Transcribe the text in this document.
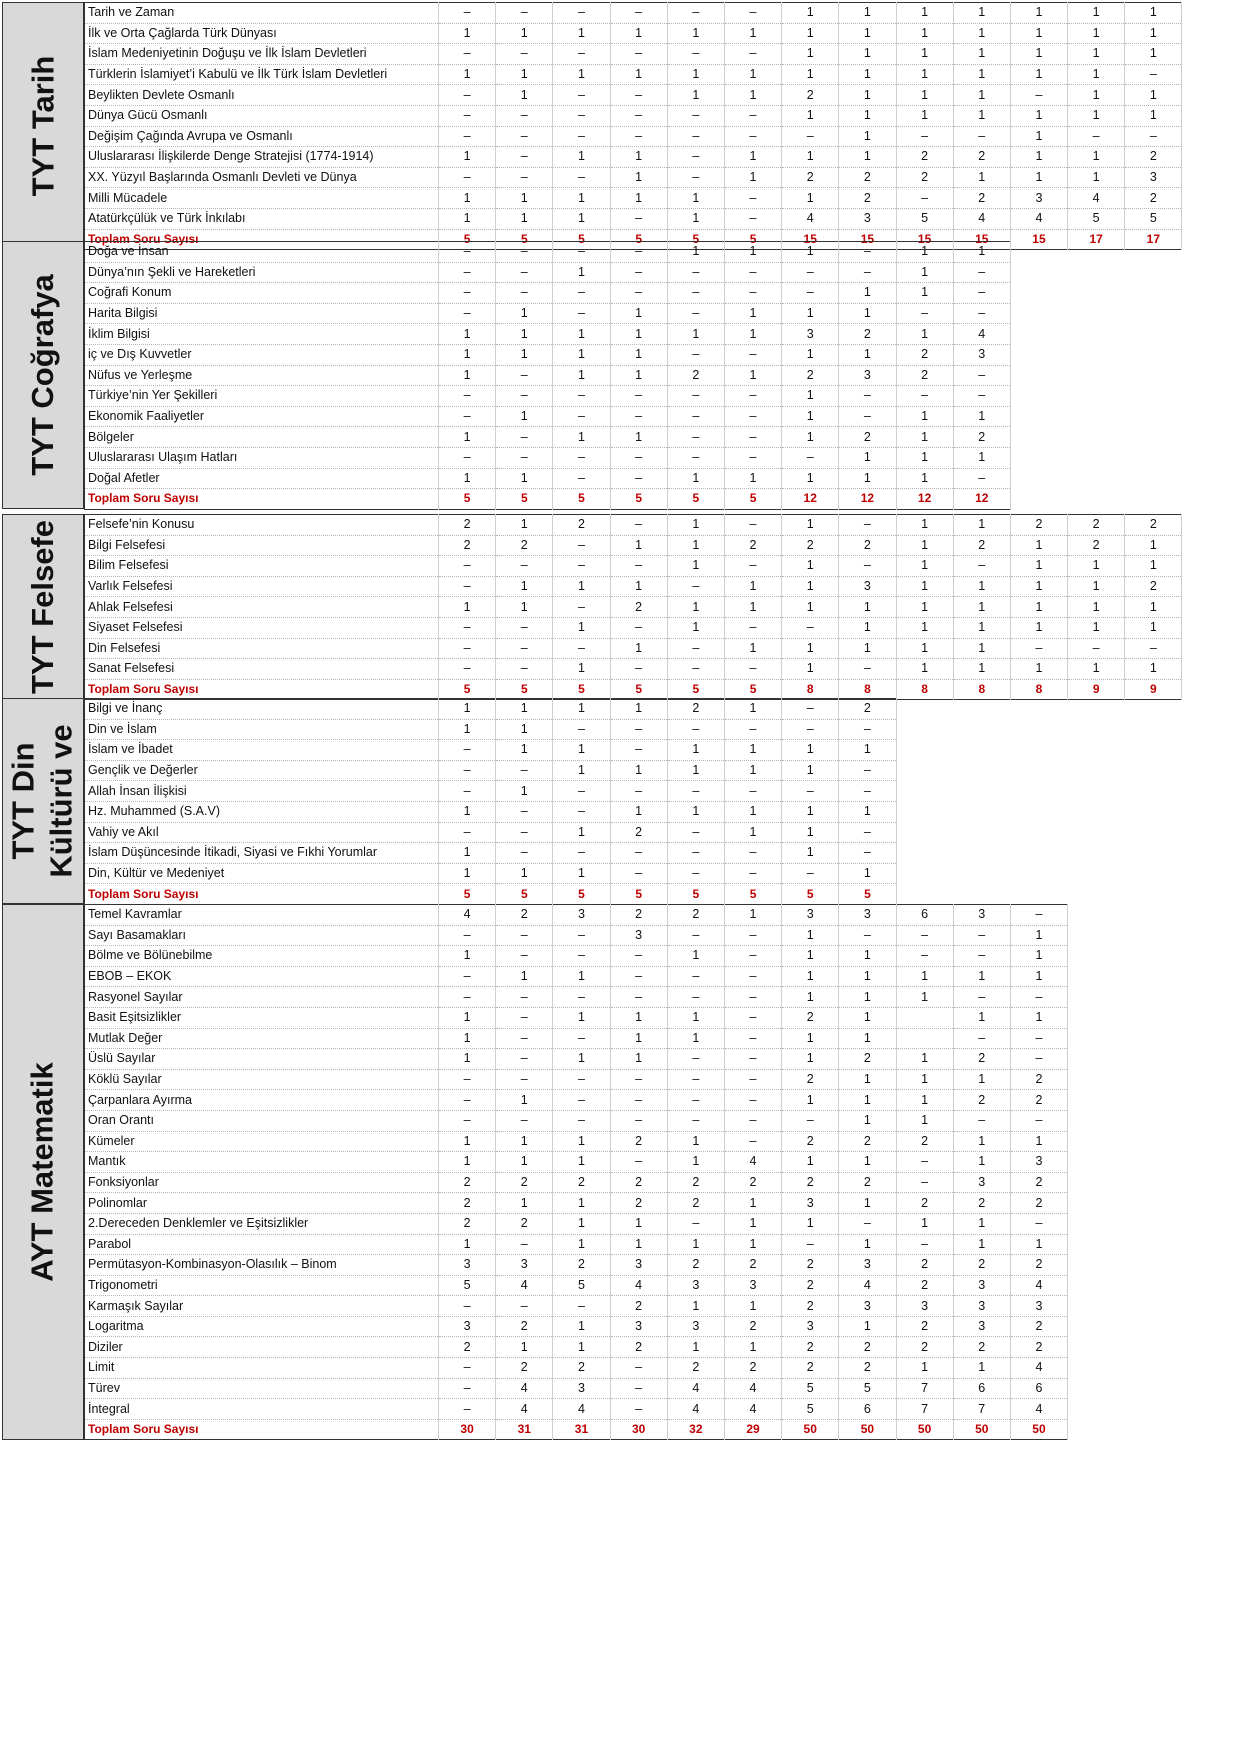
TYT Tarih
Tarih ve Zaman	–	–	–	–	–	–	1	1	1	1	1	1	1
İlk ve Orta Çağlarda Türk Dünyası	1	1	1	1	1	1	1	1	1	1	1	1	1
İslam Medeniyetinin Doğuşu ve İlk İslam Devletleri	–	–	–	–	–	–	1	1	1	1	1	1	1
Türklerin İslamiyet’i Kabulü ve İlk Türk İslam Devletleri	1	1	1	1	1	1	1	1	1	1	1	1	–
Beylikten Devlete Osmanlı	–	1	–	–	1	1	2	1	1	1	–	1	1
Dünya Gücü Osmanlı	–	–	–	–	–	–	1	1	1	1	1	1	1
Değişim Çağında Avrupa ve Osmanlı	–	–	–	–	–	–	–	1	–	–	1	–	–
Uluslararası İlişkilerde Denge Stratejisi (1774-1914)	1	–	1	1	–	1	1	1	2	2	1	1	2
XX. Yüzyıl Başlarında Osmanlı Devleti ve Dünya	–	–	–	1	–	1	2	2	2	1	1	1	3
Milli Mücadele	1	1	1	1	1	–	1	2	–	2	3	4	2
Atatürkçülük ve Türk İnkılabı	1	1	1	–	1	–	4	3	5	4	4	5	5
Toplam Soru Sayısı	5	5	5	5	5	5	15	15	15	15	15	17	17
TYT Coğrafya
Doğa ve İnsan	–	–	–	–	1	1	1	–	1	1
Dünya’nın Şekli ve Hareketleri	–	–	1	–	–	–	–	–	1	–
Coğrafi Konum	–	–	–	–	–	–	–	1	1	–
Harita Bilgisi	–	1	–	1	–	1	1	1	–	–
İklim Bilgisi	1	1	1	1	1	1	3	2	1	4
iç ve Dış Kuvvetler	1	1	1	1	–	–	1	1	2	3
Nüfus ve Yerleşme	1	–	1	1	2	1	2	3	2	–
Türkiye’nin Yer Şekilleri	–	–	–	–	–	–	1	–	–	–
Ekonomik Faaliyetler	–	1	–	–	–	–	1	–	1	1
Bölgeler	1	–	1	1	–	–	1	2	1	2
Uluslararası Ulaşım Hatları	–	–	–	–	–	–	–	1	1	1
Doğal Afetler	1	1	–	–	1	1	1	1	1	–
Toplam Soru Sayısı	5	5	5	5	5	5	12	12	12	12
TYT Felsefe Felsefe’nin Konusu	2	1	2	–	1	–	1	–	1	1	2	2	2
Bilgi Felsefesi	2	2	–	1	1	2	2	2	1	2	1	2	1
Bilim Felsefesi	–	–	–	–	1	–	1	–	1	–	1	1	1
Varlık Felsefesi	–	1	1	1	–	1	1	3	1	1	1	1	2
Ahlak Felsefesi	1	1	–	2	1	1	1	1	1	1	1	1	1
Siyaset Felsefesi	–	–	1	–	1	–	–	1	1	1	1	1	1
Din Felsefesi	–	–	–	1	–	1	1	1	1	1	–	–	–
Sanat Felsefesi	–	–	1	–	–	–	1	–	1	1	1	1	1
Toplam Soru Sayısı	5	5	5	5	5	5	8	8	8	8	8	9	9
TYT Din Kültürü ve
Bilgi ve İnanç	1	1	1	1	2	1	–	2
Din ve İslam	1	1	–	–	–	–	–	–
İslam ve İbadet	–	1	1	–	1	1	1	1
Gençlik ve Değerler	–	–	1	1	1	1	1	–
Allah İnsan İlişkisi	–	1	–	–	–	–	–	–
Hz. Muhammed (S.A.V)	1	–	–	1	1	1	1	1
Vahiy ve Akıl	–	–	1	2	–	1	1	–
İslam Düşüncesinde İtikadi, Siyasi ve Fıkhi Yorumlar	1	–	–	–	–	–	1	–
Din, Kültür ve Medeniyet	1	1	1	–	–	–	–	1
Toplam Soru Sayısı	5	5	5	5	5	5	5	5
AYT Matematik
Temel Kavramlar	4	2	3	2	2	1	3	3	6	3	–
Sayı Basamakları	–	–	–	3	–	–	1	–	–	–	1
Bölme ve Bölünebilme	1	–	–	–	1	–	1	1	–	–	1
EBOB – EKOK	–	1	1	–	–	–	1	1	1	1	1
Rasyonel Sayılar	–	–	–	–	–	–	1	1	1	–	–
Basit Eşitsizlikler	1	–	1	1	1	–	2	1		1	1
Mutlak Değer	1	–	–	1	1	–	1	1		–	–
Üslü Sayılar	1	–	1	1	–	–	1	2	1	2	–
Köklü Sayılar	–	–	–	–	–	–	2	1	1	1	2
Çarpanlara Ayırma	–	1	–	–	–	–	1	1	1	2	2
Oran Orantı	–	–	–	–	–	–	–	1	1	–	–
Kümeler	1	1	1	2	1	–	2	2	2	1	1
Mantık	1	1	1	–	1	4	1	1	–	1	3
Fonksiyonlar	2	2	2	2	2	2	2	2	–	3	2
Polinomlar	2	1	1	2	2	1	3	1	2	2	2
2.Dereceden Denklemler ve Eşitsizlikler	2	2	1	1	–	1	1	–	1	1	–
Parabol	1	–	1	1	1	1	–	1	–	1	1
Permütasyon-Kombinasyon-Olasılık – Binom	3	3	2	3	2	2	2	3	2	2	2
Trigonometri	5	4	5	4	3	3	2	4	2	3	4
Karmaşık Sayılar	–	–	–	2	1	1	2	3	3	3	3
Logaritma	3	2	1	3	3	2	3	1	2	3	2
Diziler	2	1	1	2	1	1	2	2	2	2	2
Limit	–	2	2	–	2	2	2	2	1	1	4
Türev	–	4	3	–	4	4	5	5	7	6	6
İntegral	–	4	4	–	4	4	5	6	7	7	4
Toplam Soru Sayısı	30	31	31	30	32	29	50	50	50	50	50
